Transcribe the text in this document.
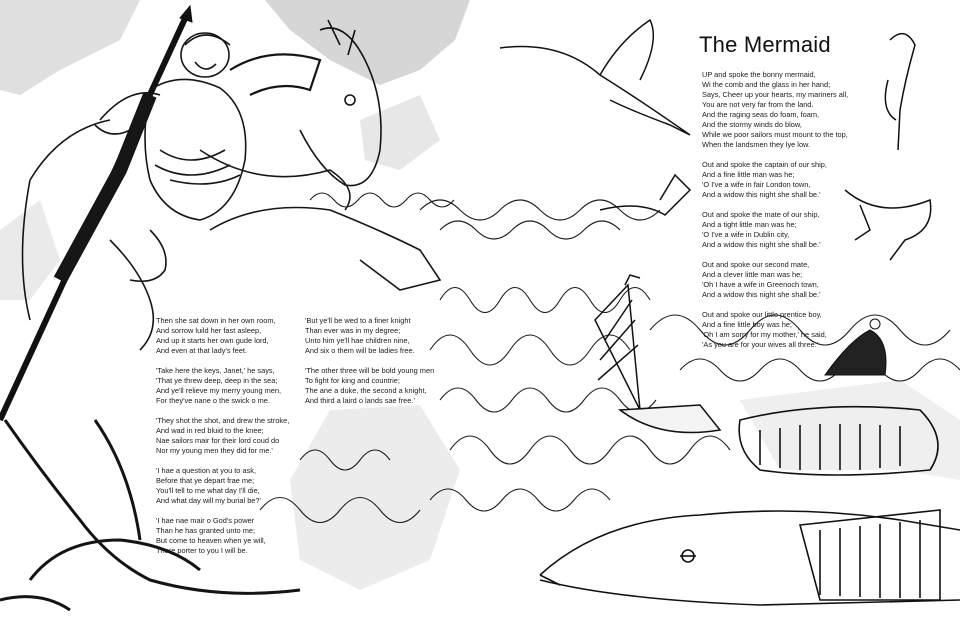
The Mermaid
Then she sat down in her own room,
And sorrow luild her fast asleep,
And up it starts her own gude lord,
And even at that lady's feet.
'Take here the keys, Janet,' he says,
'That ye threw deep, deep in the sea;
And ye'll relieve my merry young men,
For they've nane o the swick o me.
'They shot the shot, and drew the stroke,
And wad in red bluid to the knee;
Nae sailors mair for their lord coud do
Nor my young men they did for me.'
'I hae a question at you to ask,
Before that ye depart frae me;
You'll tell to me what day I'll die,
And what day will my burial be?'
'I hae nae mair o God's power
Than he has granted unto me;
But come to heaven when ye will,
There porter to you I will be.
'But ye'll be wed to a finer knight
Than ever was in my degree;
Unto him ye'll hae children nine,
And six o them will be ladies free.
'The other three will be bold young men
To fight for king and countrie;
The ane a duke, the second a knight,
And third a laird o lands sae free.'
UP and spoke the bonny mermaid,
Wi the comb and the glass in her hand;
Says, Cheer up your hearts, my mariners all,
You are not very far from the land.
And the raging seas do foam, foam,
And the stormy winds do blow,
While we poor sailors must mount to the top,
When the landsmen they lye low.
Out and spoke the captain of our ship,
And a fine little man was he;
'O I've a wife in fair London town,
And a widow this night she shall be.'
Out and spoke the mate of our ship,
And a tight little man was he;
'O I've a wife in Dublin city,
And a widow this night she shall be.'
Out and spoke our second mate,
And a clever little man was he;
'Oh I have a wife in Greenoch town,
And a widow this night she shall be.'
Out and spoke our little prentice boy,
And a fine little boy was he;
'Oh I am sorry for my mother,' he said,
'As you are for your wives all three.'
